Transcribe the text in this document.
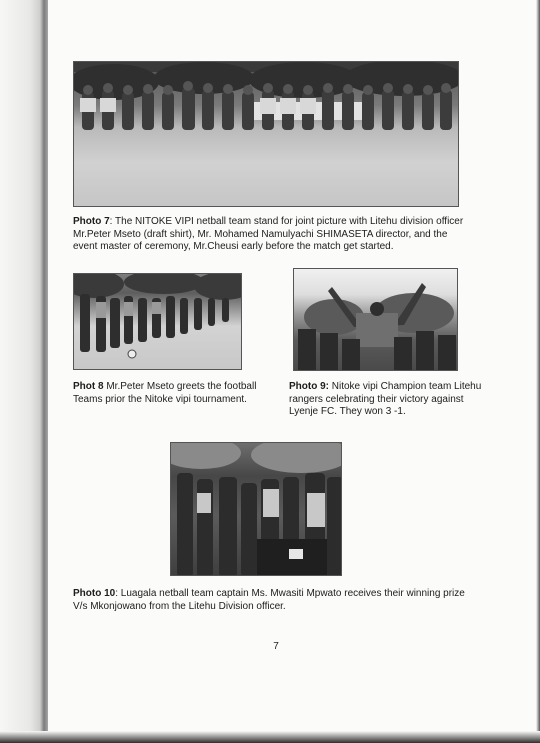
Photo 7: The NITOKE VIPI netball team stand for joint picture with Litehu division officer Mr.Peter Mseto (draft shirt), Mr. Mohamed Namulyachi SHIMASETA director, and the event master of ceremony, Mr.Cheusi early before the match get started.

Phot 8 Mr.Peter Mseto greets the football Teams prior the Nitoke vipi tournament.

Photo 9: Nitoke vipi Champion team Litehu rangers celebrating their victory against Lyenje FC. They won 3 -1.

Photo 10: Luagala netball team captain Ms. Mwasiti Mpwato receives their winning prize V/s Mkonjowano from the Litehu Division officer.

7
